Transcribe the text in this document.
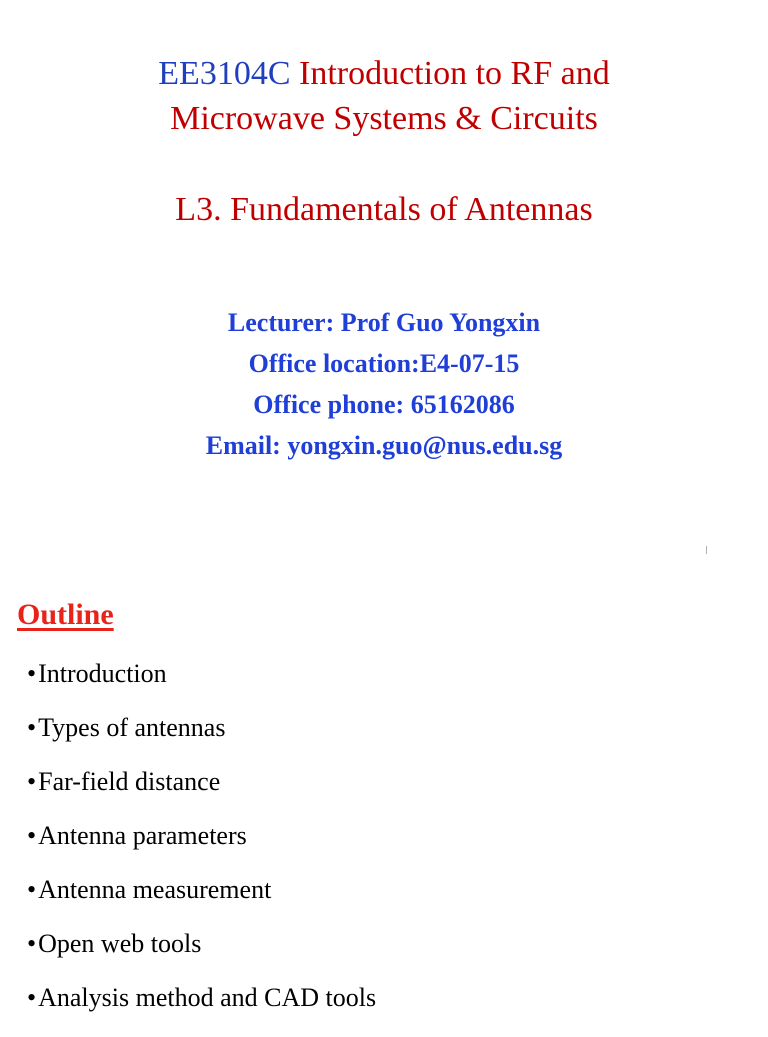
EE3104C Introduction to RF and
Microwave Systems & Circuits
L3. Fundamentals of Antennas
Lecturer: Prof Guo Yongxin
Office location:E4-07-15
Office phone: 65162086
Email: yongxin.guo@nus.edu.sg
Outline
•Introduction
•Types of antennas
•Far-field distance
•Antenna parameters
•Antenna measurement
•Open web tools
•Analysis method and CAD tools
